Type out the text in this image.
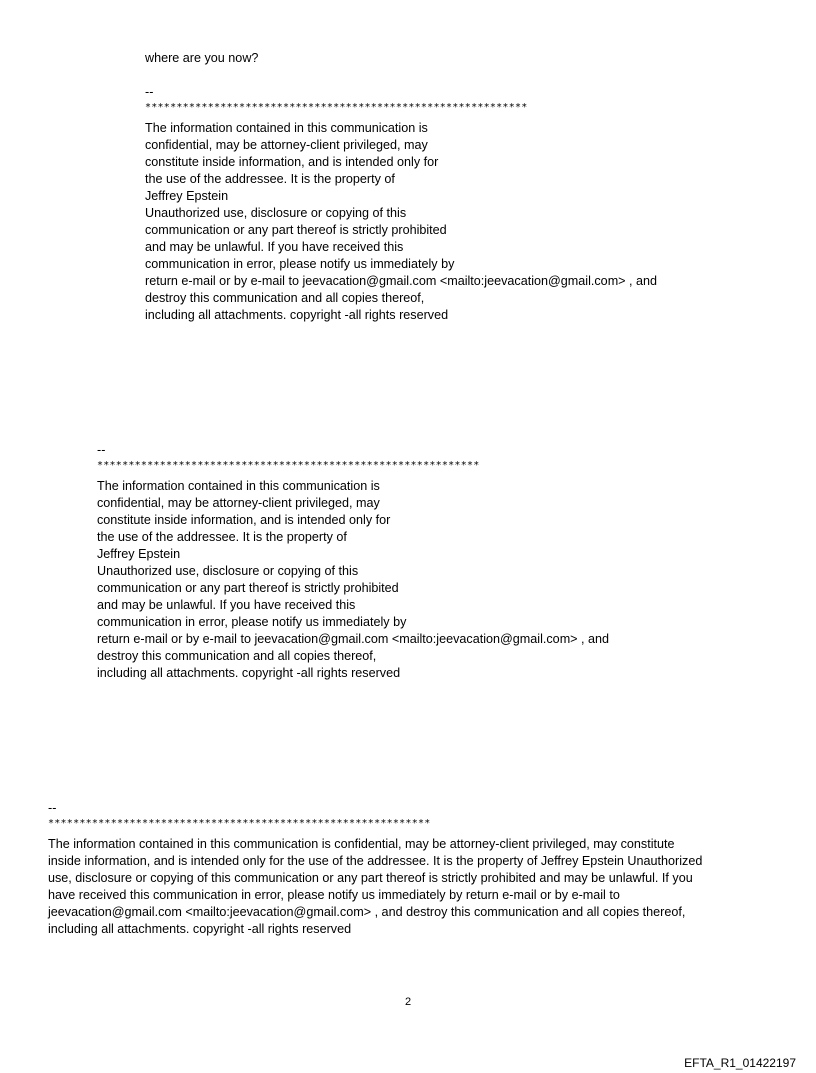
where are you now?
--
*************************************************************
The information contained in this communication is
confidential, may be attorney-client privileged, may
constitute inside information, and is intended only for
the use of the addressee. It is the property of
Jeffrey Epstein
Unauthorized use, disclosure or copying of this
communication or any part thereof is strictly prohibited
and may be unlawful. If you have received this
communication in error, please notify us immediately by
return e-mail or by e-mail to jeevacation@gmail.com <mailto:jeevacation@gmail.com> , and
destroy this communication and all copies thereof,
including all attachments. copyright -all rights reserved
--
*************************************************************
The information contained in this communication is
confidential, may be attorney-client privileged, may
constitute inside information, and is intended only for
the use of the addressee. It is the property of
Jeffrey Epstein
Unauthorized use, disclosure or copying of this
communication or any part thereof is strictly prohibited
and may be unlawful. If you have received this
communication in error, please notify us immediately by
return e-mail or by e-mail to jeevacation@gmail.com <mailto:jeevacation@gmail.com> , and
destroy this communication and all copies thereof,
including all attachments. copyright -all rights reserved
--
*************************************************************
The information contained in this communication is confidential, may be attorney-client privileged, may constitute
inside information, and is intended only for the use of the addressee. It is the property of Jeffrey Epstein Unauthorized
use, disclosure or copying of this communication or any part thereof is strictly prohibited and may be unlawful. If you
have received this communication in error, please notify us immediately by return e-mail or by e-mail to
jeevacation@gmail.com <mailto:jeevacation@gmail.com> , and destroy this communication and all copies thereof,
including all attachments. copyright -all rights reserved
2
EFTA_R1_01422197
